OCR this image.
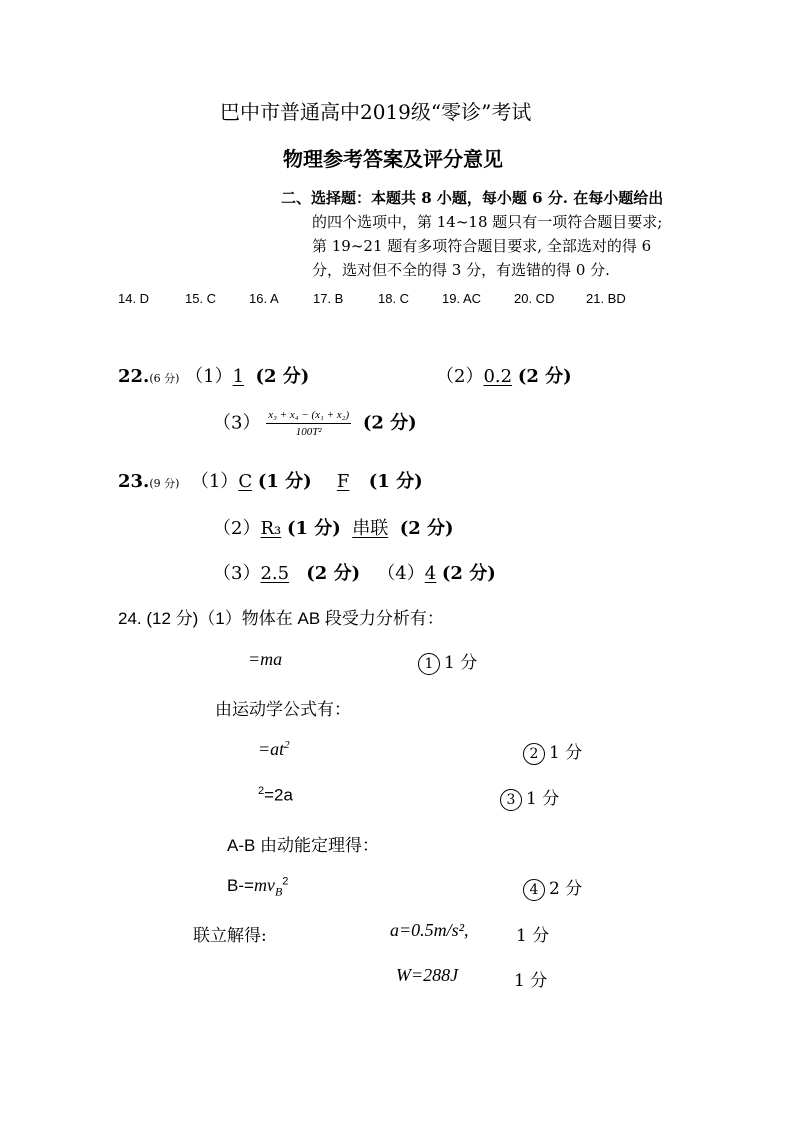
巴中市普通高中2019级“零诊”考试
物理参考答案及评分意见
二、选择题：本题共 8 小题，每小题 6 分. 在每小题给出
的四个选项中，第 14~18 题只有一项符合题目要求;
第 19~21 题有多项符合题目要求, 全部选对的得 6
分，选对但不全的得 3 分，有选错的得 0 分.
14. D	15. C	16. A	17. B	18. C	19. AC	20. CD 21. BD
22.(6 分) （1）1 (2 分)	（2）0.2 (2 分)
$(3) \frac{\text{x₃ + x₄ − (x₁ + x₂)}}{\text{100T²}} (2$ 分)
23.(9 分) （1）C (1 分) F (1 分)
（2）R₃ (1 分) 串联 (2 分)
（3）2.5 (2 分) （4）4 (2 分)
24. (12 分)（1）物体在 AB 段受力分析有：
=ma	1 1 分
由运动学公式有：
$=at^2$
2 1 分
$^2$=2a	3 1 分
A-B 由动能定理得：
$B-=mv_B^2$
4 2 分
联立解得:	a=0.5m/s²,	1 分
W=288J	1 分
